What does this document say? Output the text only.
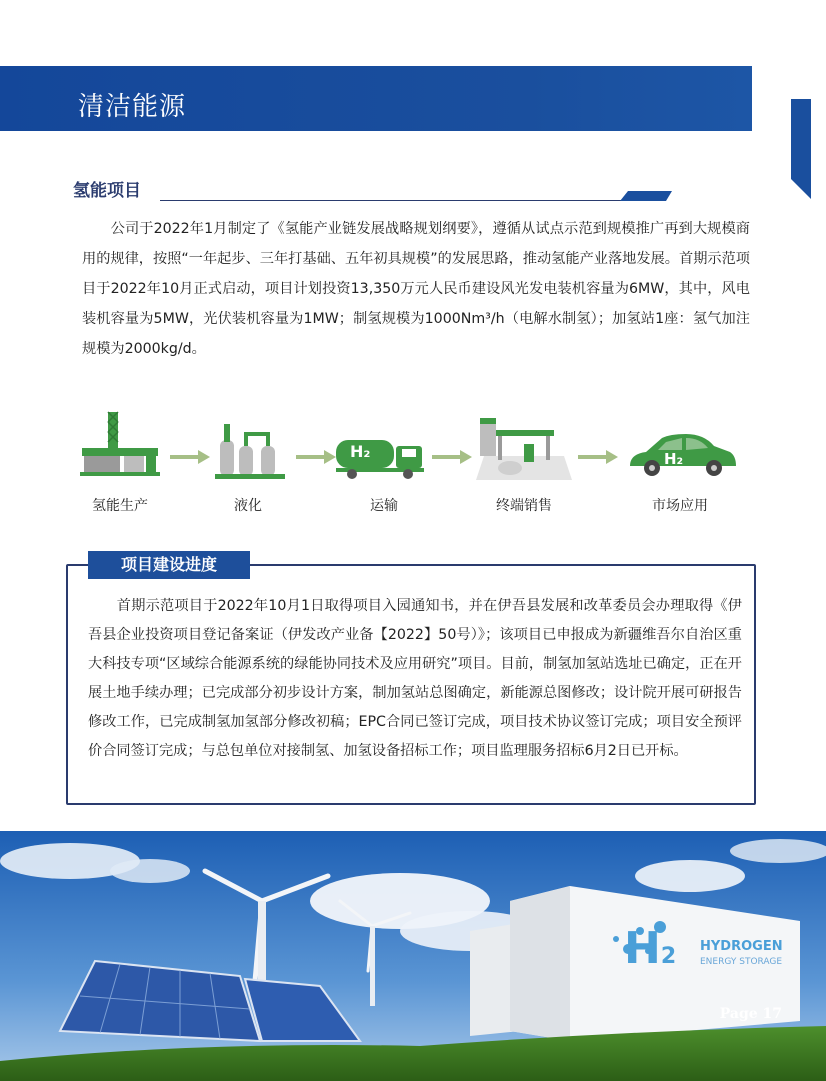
清洁能源
氢能项目
　　公司于2022年1月制定了《氢能产业链发展战略规划纲要》，遵循从试点示范到规模推广再到大规模商用的规律，按照“一年起步、三年打基础、五年初具规模”的发展思路，推动氢能产业落地发展。首期示范项目于2022年10月正式启动，项目计划投资13,350万元人民币建设风光发电装机容量为6MW，其中，风电装机容量为5MW，光伏装机容量为1MW；制氢规模为1000Nm³/h（电解水制氢）；加氢站1座：氢气加注规模为2000kg/d。
氢能生产	液化
H₂
运输	终端销售
H₂
市场应用
项目建设进度
　　首期示范项目于2022年10月1日取得项目入园通知书，并在伊吾县发展和改革委员会办理取得《伊吾县企业投资项目登记备案证（伊发改产业备【2022】50号）》；该项目已申报成为新疆维吾尔自治区重大科技专项“区域综合能源系统的绿能协同技术及应用研究”项目。目前，制氢加氢站选址已确定，正在开展土地手续办理；已完成部分初步设计方案，制加氢站总图确定，新能源总图修改；设计院开展可研报告修改工作，已完成制氢加氢部分修改初稿；EPC合同已签订完成，项目技术协议签订完成；项目安全预评价合同签订完成；与总包单位对接制氢、加氢设备招标工作；项目监理服务招标6月2日已开标。
H2 HYDROGEN
ENERGY STORAGE
Page 17
